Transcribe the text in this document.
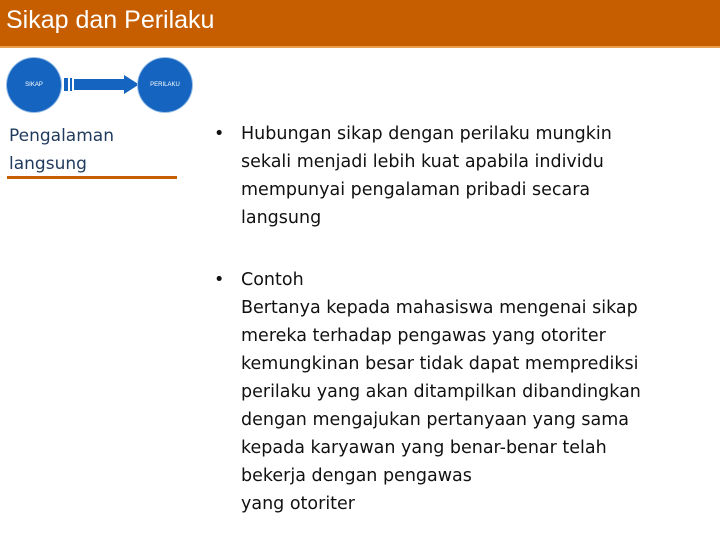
Sikap dan Perilaku
SIKAP	PERILAKU
Pengalaman
langsung
• Hubungan sikap dengan perilaku mungkin
sekali menjadi lebih kuat apabila individu
mempunyai pengalaman pribadi secara
langsung
• Contoh
Bertanya kepada mahasiswa mengenai sikap
mereka terhadap pengawas yang otoriter
kemungkinan besar tidak dapat memprediksi
perilaku yang akan ditampilkan dibandingkan
dengan mengajukan pertanyaan yang sama
kepada karyawan yang benar-benar telah
bekerja dengan pengawas
yang otoriter
